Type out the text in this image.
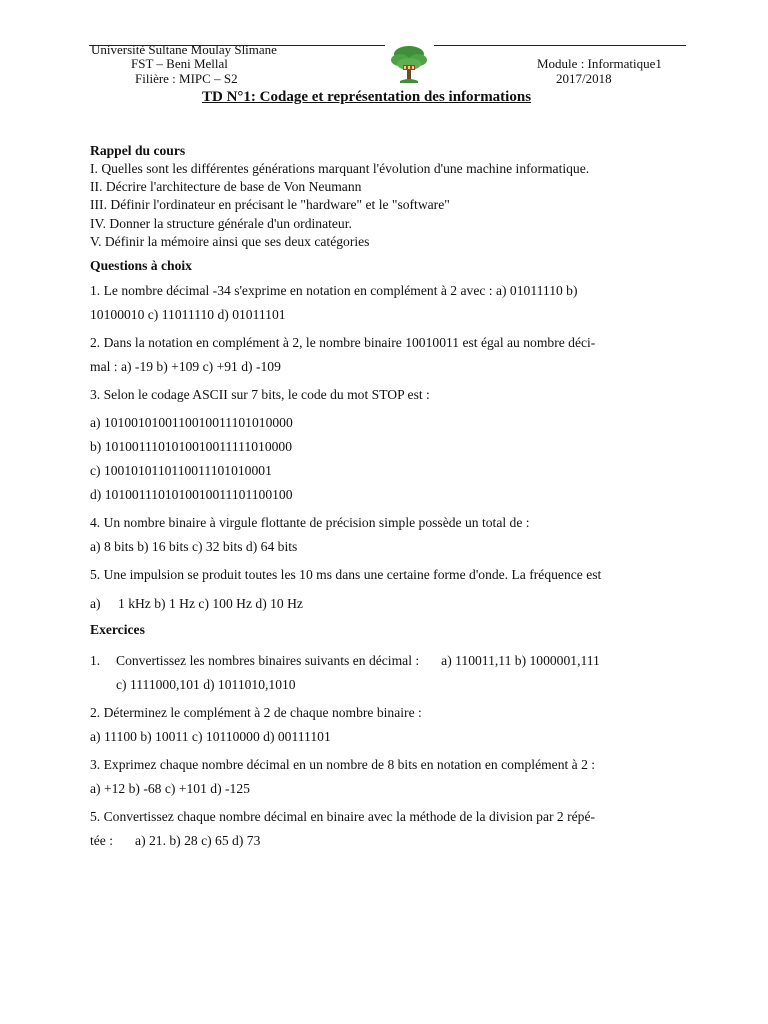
Université Sultane Moulay Slimane
FST – Beni Mellal
Filière : MIPC – S2
Module : Informatique1
2017/2018
TD N°1: Codage et représentation des informations

Rappel du cours

I. Quelles sont les différentes générations marquant l'évolution d'une machine informatique.
II. Décrire l'architecture de base de Von Neumann
III. Définir l'ordinateur en précisant le "hardware" et le "software"
IV. Donner la structure générale d'un ordinateur.
V. Définir la mémoire ainsi que ses deux catégories

Questions à choix

1. Le nombre décimal -34 s'exprime en notation en complément à 2 avec : a) 01011110 b)

10100010 c) 11011110 d) 01011101

2. Dans la notation en complément à 2, le nombre binaire 10010011 est égal au nombre déci-

mal : a) -19 b) +109 c) +91 d) -109

3. Selon le codage ASCII sur 7 bits, le code du mot STOP est :

a) 1010010100110010011101010000

b) 1010011101010010011111010000

c) 1001010110110011101010001

d) 1010011101010010011101100100

4. Un nombre binaire à virgule flottante de précision simple possède un total de :

a) 8 bits b) 16 bits c) 32 bits d) 64 bits

5. Une impulsion se produit toutes les 10 ms dans une certaine forme d'onde. La fréquence est

a) 1 kHz b) 1 Hz c) 100 Hz d) 10 Hz

Exercices

1.	Convertissez les nombres binaires suivants en décimal : a) 110011,11 b) 1000001,111

c) 1111000,101 d) 1011010,1010

2. Déterminez le complément à 2 de chaque nombre binaire :

a) 11100 b) 10011 c) 10110000 d) 00111101

3. Exprimez chaque nombre décimal en un nombre de 8 bits en notation en complément à 2 :

a) +12 b) -68 c) +101 d) -125

5. Convertissez chaque nombre décimal en binaire avec la méthode de la division par 2 répé-

tée : a) 21. b) 28 c) 65 d) 73
